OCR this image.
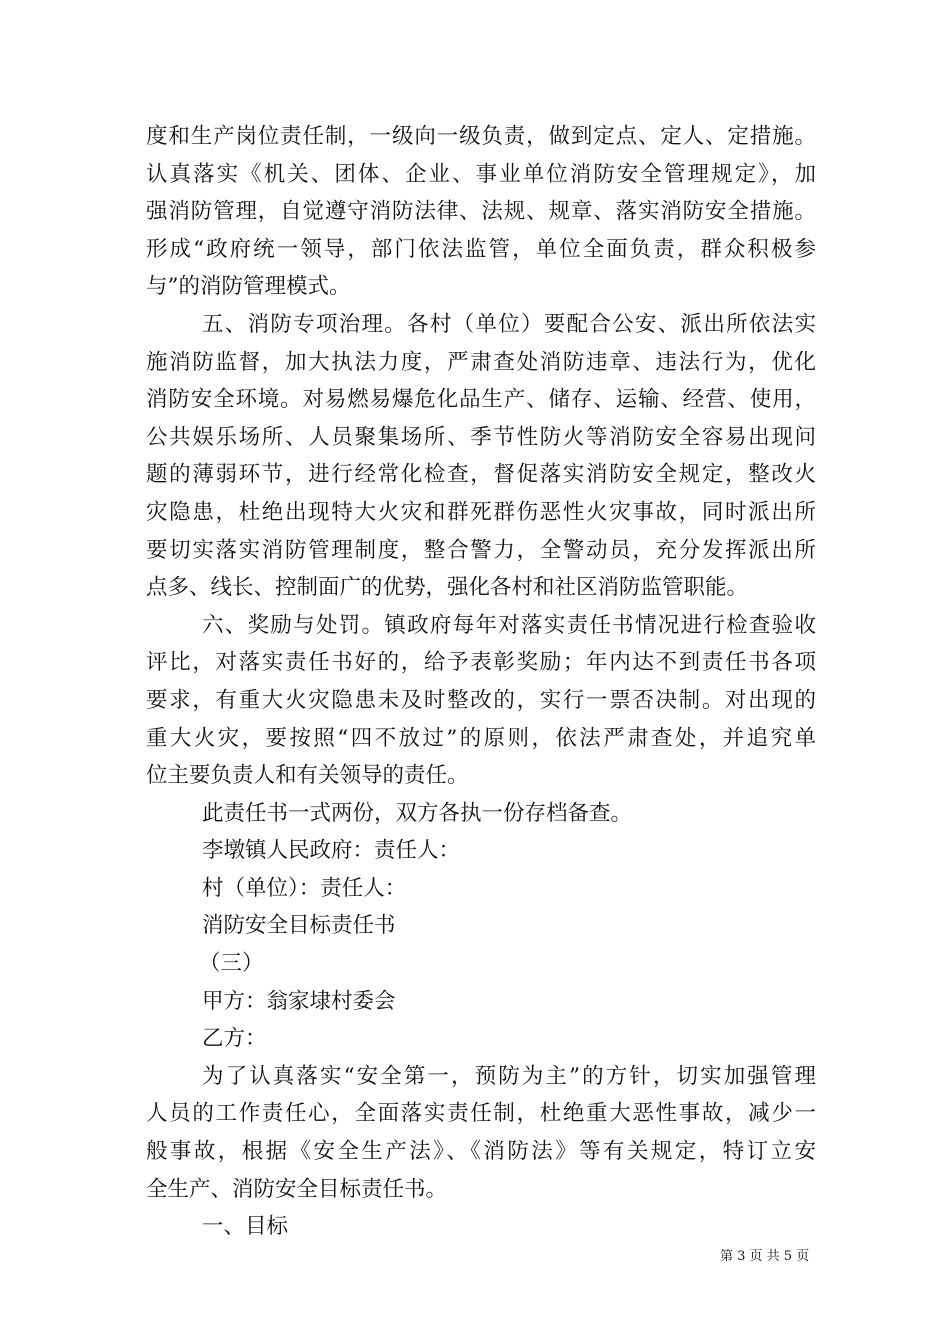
度和生产岗位责任制，一级向一级负责，做到定点、定人、定措施。
认真落实《机关、团体、企业、事业单位消防安全管理规定》，加
强消防管理，自觉遵守消防法律、法规、规章、落实消防安全措施。
形成“政府统一领导，部门依法监管，单位全面负责，群众积极参
与”的消防管理模式。
五、消防专项治理。各村（单位）要配合公安、派出所依法实
施消防监督，加大执法力度，严肃查处消防违章、违法行为，优化
消防安全环境。对易燃易爆危化品生产、储存、运输、经营、使用，
公共娱乐场所、人员聚集场所、季节性防火等消防安全容易出现问
题的薄弱环节，进行经常化检查，督促落实消防安全规定，整改火
灾隐患，杜绝出现特大火灾和群死群伤恶性火灾事故，同时派出所
要切实落实消防管理制度，整合警力，全警动员，充分发挥派出所
点多、线长、控制面广的优势，强化各村和社区消防监管职能。
六、奖励与处罚。镇政府每年对落实责任书情况进行检查验收
评比，对落实责任书好的，给予表彰奖励；年内达不到责任书各项
要求，有重大火灾隐患未及时整改的，实行一票否决制。对出现的
重大火灾，要按照“四不放过”的原则，依法严肃查处，并追究单
位主要负责人和有关领导的责任。
此责任书一式两份，双方各执一份存档备查。
李墩镇人民政府：责任人：
村（单位）：责任人：
消防安全目标责任书
（三）
甲方：翁家埭村委会
乙方：
为了认真落实“安全第一，预防为主”的方针，切实加强管理
人员的工作责任心，全面落实责任制，杜绝重大恶性事故，减少一
般事故，根据《安全生产法》、《消防法》等有关规定，特订立安
全生产、消防安全目标责任书。
一、目标
第 3 页 共 5 页
